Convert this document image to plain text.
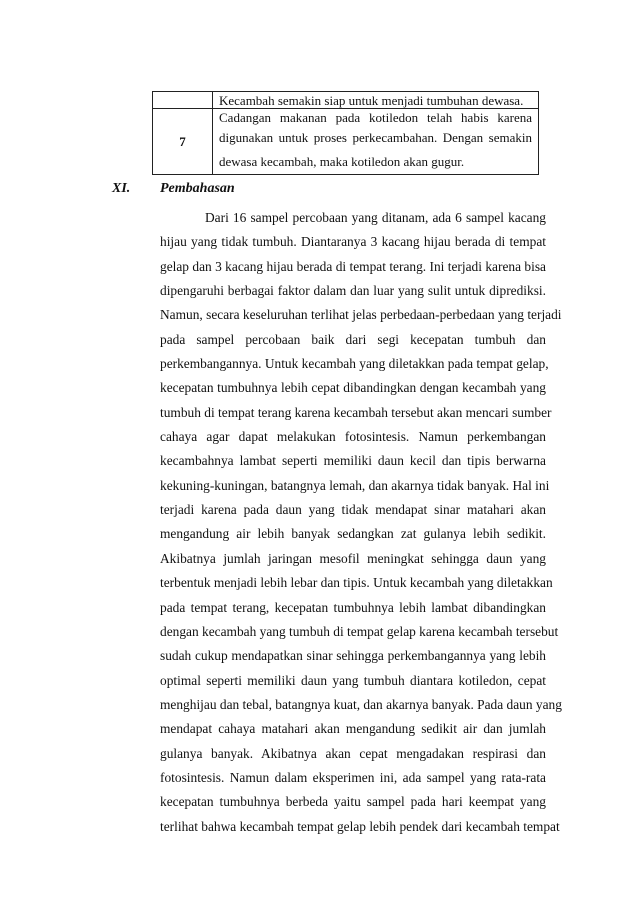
	Kecambah semakin siap untuk menjadi tumbuhan dewasa.
7	Cadangan makanan pada kotiledon telah habis karena

digunakan untuk proses perkecambahan. Dengan semakin

dewasa kecambah, maka kotiledon akan gugur.

XI. Pembahasan
Dari 16 sampel percobaan yang ditanam, ada 6 sampel kacang
hijau yang tidak tumbuh. Diantaranya 3 kacang hijau berada di tempat
gelap dan 3 kacang hijau berada di tempat terang. Ini terjadi karena bisa
dipengaruhi berbagai faktor dalam dan luar yang sulit untuk diprediksi.
Namun, secara keseluruhan terlihat jelas perbedaan-perbedaan yang terjadi
pada sampel percobaan baik dari segi kecepatan tumbuh dan
perkembangannya. Untuk kecambah yang diletakkan pada tempat gelap,
kecepatan tumbuhnya lebih cepat dibandingkan dengan kecambah yang
tumbuh di tempat terang karena kecambah tersebut akan mencari sumber
cahaya agar dapat melakukan fotosintesis. Namun perkembangan
kecambahnya lambat seperti memiliki daun kecil dan tipis berwarna
kekuning-kuningan, batangnya lemah, dan akarnya tidak banyak. Hal ini
terjadi karena pada daun yang tidak mendapat sinar matahari akan
mengandung air lebih banyak sedangkan zat gulanya lebih sedikit.
Akibatnya jumlah jaringan mesofil meningkat sehingga daun yang
terbentuk menjadi lebih lebar dan tipis. Untuk kecambah yang diletakkan
pada tempat terang, kecepatan tumbuhnya lebih lambat dibandingkan
dengan kecambah yang tumbuh di tempat gelap karena kecambah tersebut
sudah cukup mendapatkan sinar sehingga perkembangannya yang lebih
optimal seperti memiliki daun yang tumbuh diantara kotiledon, cepat
menghijau dan tebal, batangnya kuat, dan akarnya banyak. Pada daun yang
mendapat cahaya matahari akan mengandung sedikit air dan jumlah
gulanya banyak. Akibatnya akan cepat mengadakan respirasi dan
fotosintesis. Namun dalam eksperimen ini, ada sampel yang rata-rata
kecepatan tumbuhnya berbeda yaitu sampel pada hari keempat yang
terlihat bahwa kecambah tempat gelap lebih pendek dari kecambah tempat
